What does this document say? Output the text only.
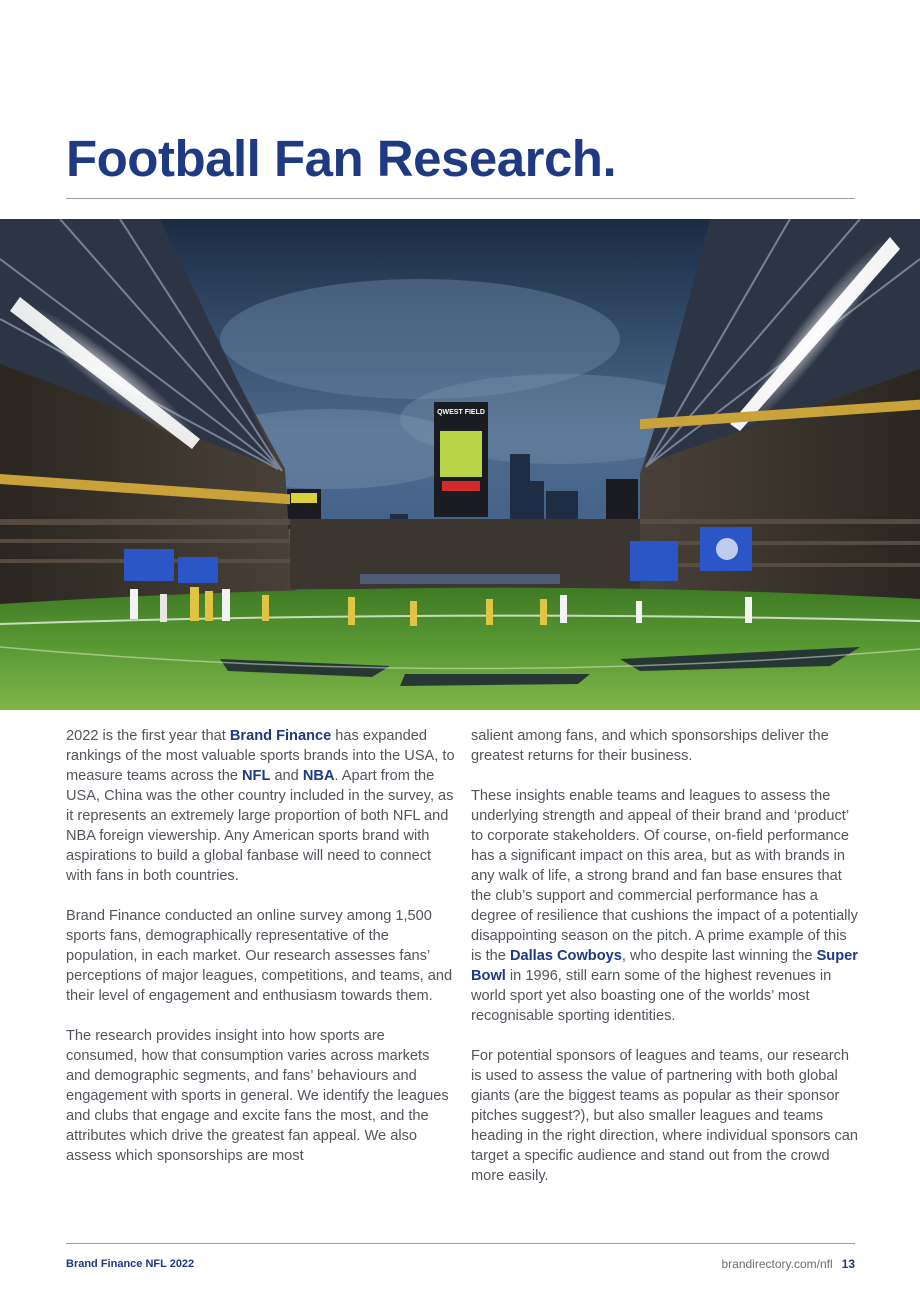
Football Fan Research.
QWEST FIELD

2022 is the first year that Brand Finance has expanded rankings of the most valuable sports brands into the USA, to measure teams across the NFL and NBA. Apart from the USA, China was the other country included in the survey, as it represents an extremely large proportion of both NFL and NBA foreign viewership. Any American sports brand with aspirations to build a global fanbase will need to connect with fans in both countries.

Brand Finance conducted an online survey among 1,500 sports fans, demographically representative of the population, in each market. Our research assesses fans’ perceptions of major leagues, competitions, and teams, and their level of engagement and enthusiasm towards them.

The research provides insight into how sports are consumed, how that consumption varies across markets and demographic segments, and fans’ behaviours and engagement with sports in general. We identify the leagues and clubs that engage and excite fans the most, and the attributes which drive the greatest fan appeal. We also assess which sponsorships are most

salient among fans, and which sponsorships deliver the greatest returns for their business.

These insights enable teams and leagues to assess the underlying strength and appeal of their brand and ‘product’ to corporate stakeholders. Of course, on-field performance has a significant impact on this area, but as with brands in any walk of life, a strong brand and fan base ensures that the club’s support and commercial performance has a degree of resilience that cushions the impact of a potentially disappointing season on the pitch. A prime example of this is the Dallas Cowboys, who despite last winning the Super Bowl in 1996, still earn some of the highest revenues in world sport yet also boasting one of the worlds’ most recognisable sporting identities.

For potential sponsors of leagues and teams, our research is used to assess the value of partnering with both global giants (are the biggest teams as popular as their sponsor pitches suggest?), but also smaller leagues and teams heading in the right direction, where individual sponsors can target a specific audience and stand out from the crowd more easily.

Brand Finance NFL 2022	brandirectory.com/nfl 13
